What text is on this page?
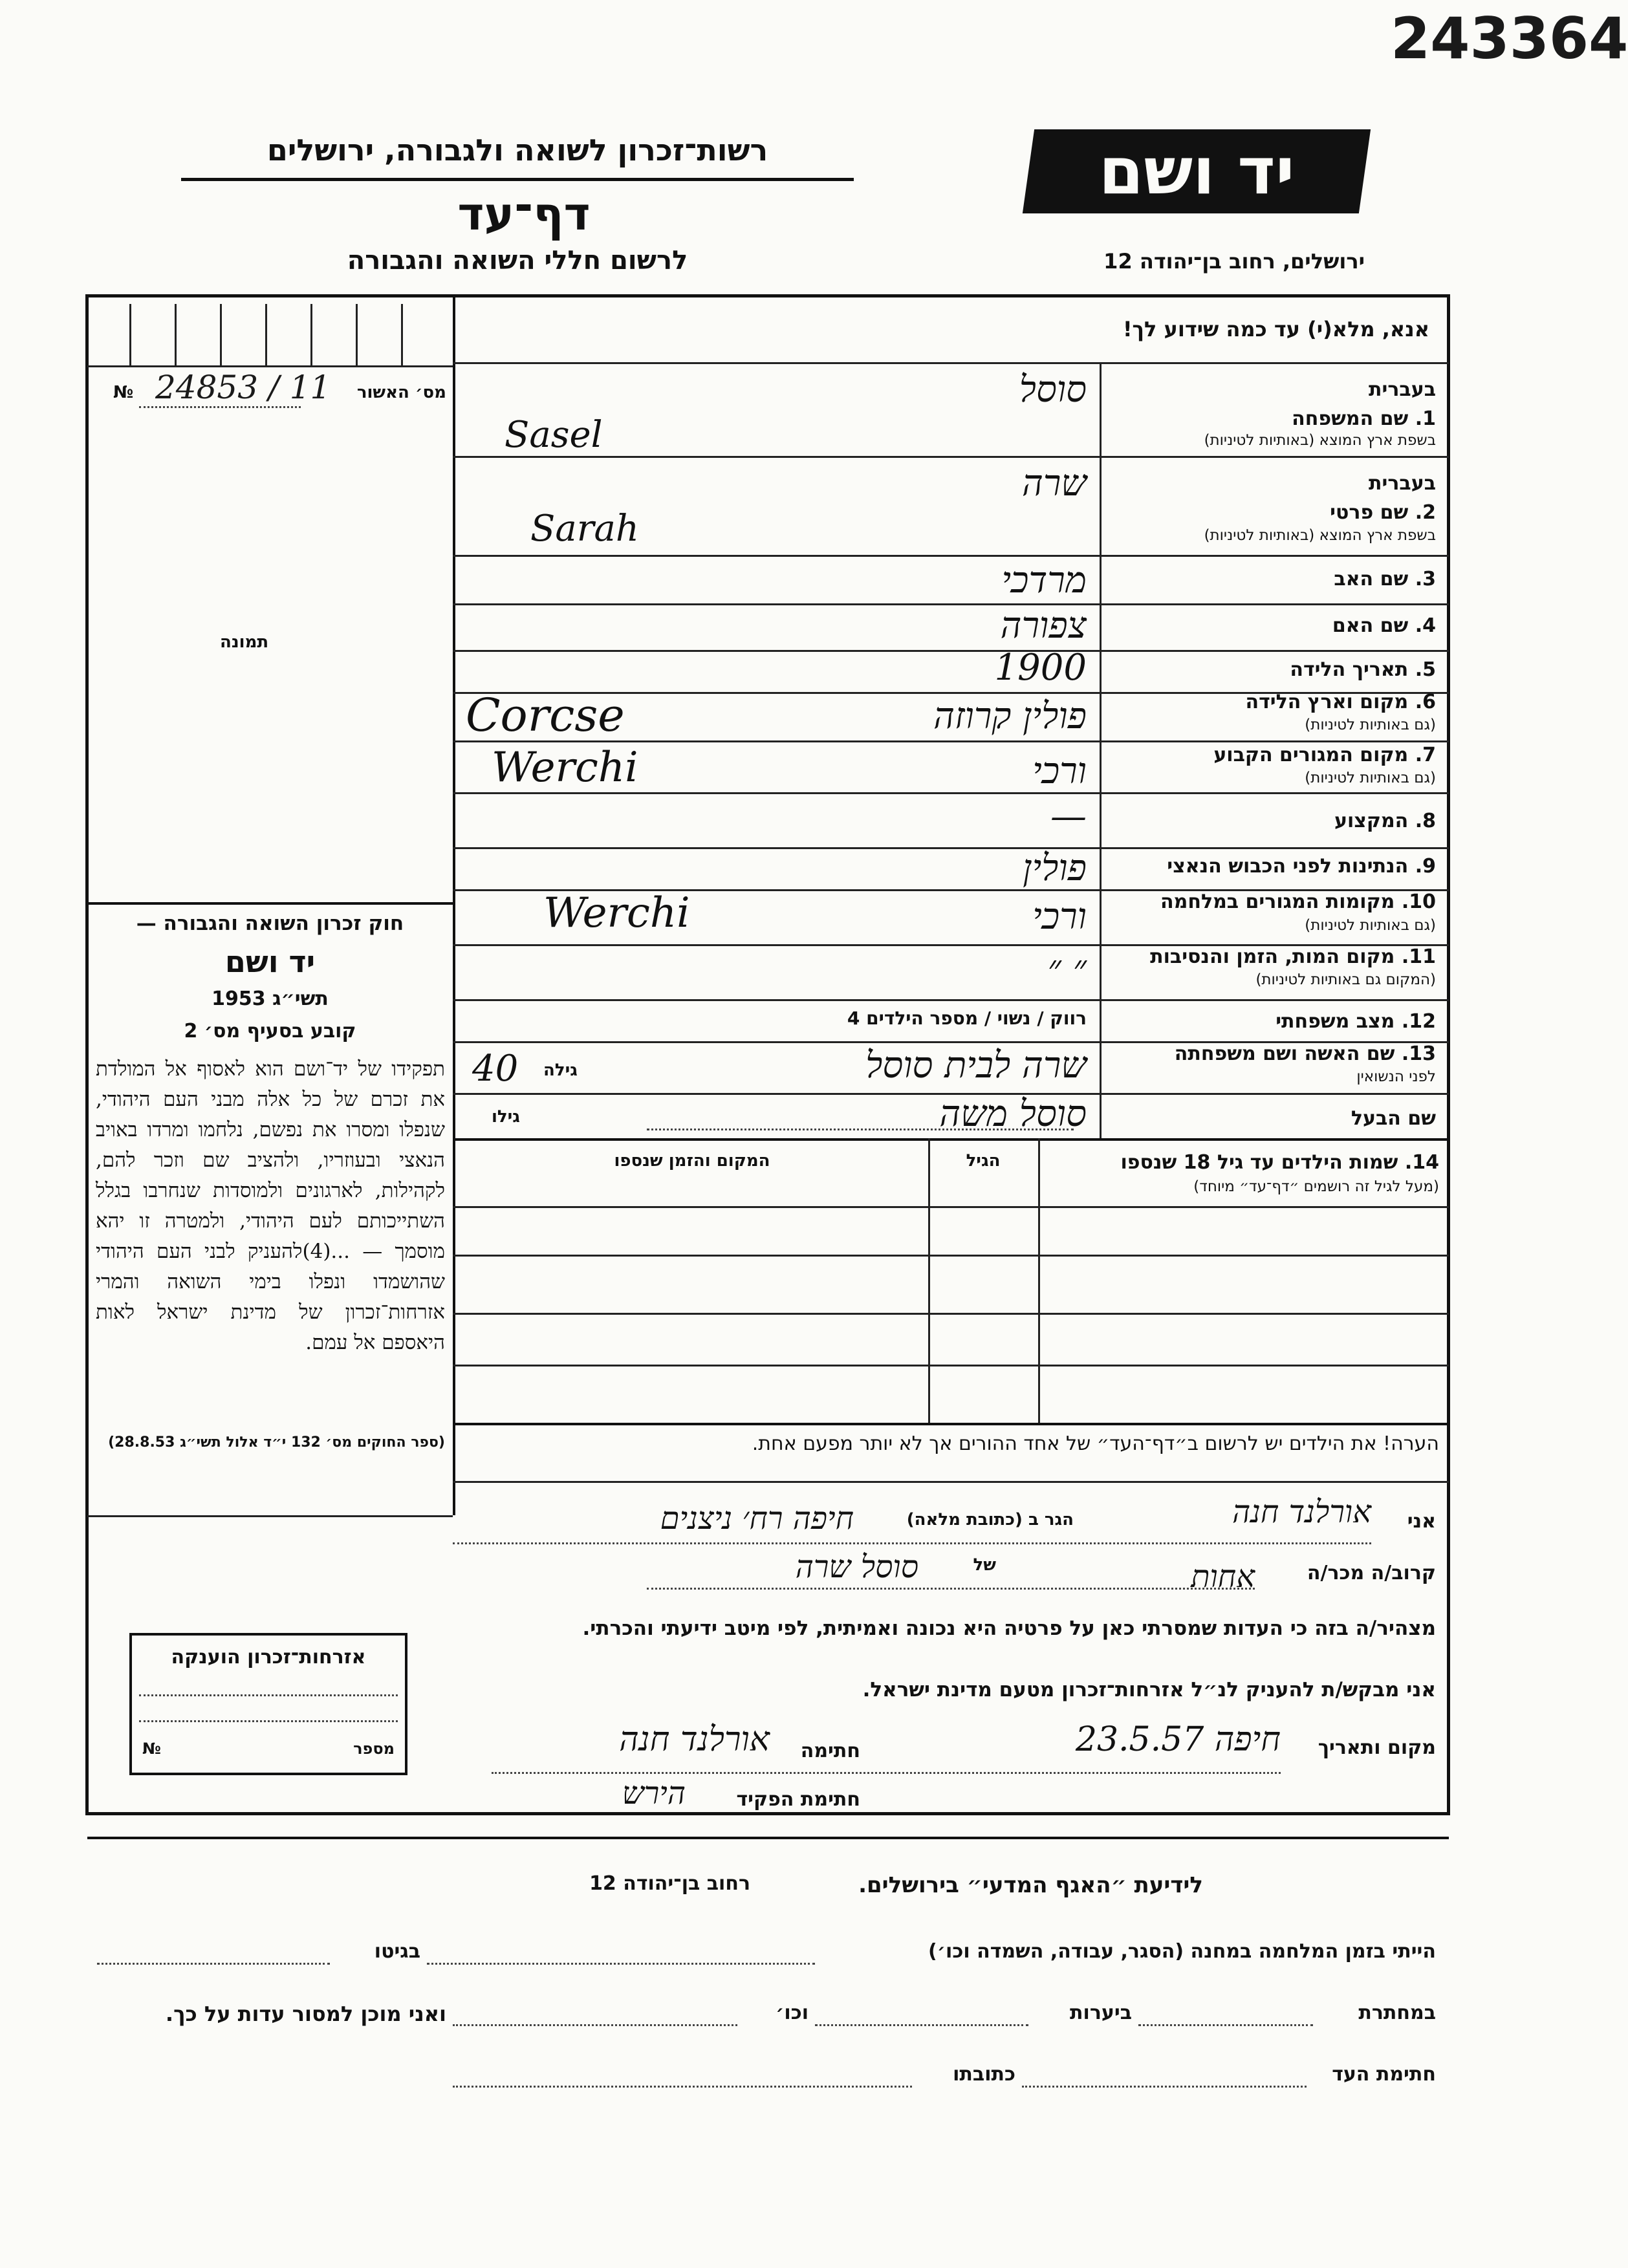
243364
רשות־זכרון לשואה ולגבורה, ירושלים
דף־עד
לרשום חללי השואה והגבורה
יד ושם
ירושלים, רחוב בן־יהודה 12
אנא, מלא(י) עד כמה שידוע לך!
מס׳ האשור
№ 24853 / 11
תמונה
חוק זכרון השואה והגבורה —
יד ושם
תשי״ג 1953
קובע בסעיף מס׳ 2
תפקידו של יד־ושם הוא לאסוף אל המולדת את זכרם של כל אלה מבני העם היהודי, שנפלו ומסרו את נפשם, נלחמו ומרדו באויב הנאצי ובעוזריו, ולהציב שם וזכר להם, לקהילות, לארגונים ולמוסדות שנחרבו בגלל השתייכותם לעם היהודי, ולמטרה זו יהא מוסמך — ...(4)להעניק לבני העם היהודי שהושמדו ונפלו בימי השואה והמרי אזרחות־זכרון של מדינת ישראל לאות היאספם אל עמם.
(ספר החוקים מס׳ 132 י״ד אלול תשי״ג 28.8.53)
בעברית
1. שם המשפחה
בשפת ארץ המוצא (באותיות לטיניות)
סוסל
Sasel
בעברית
2. שם פרטי
בשפת ארץ המוצא (באותיות לטיניות)
שרה
Sarah
3. שם האב
מרדכי
4. שם האם
צפורה
5. תאריך הלידה
1900
6. מקום וארץ הלידה
(גם באותיות לטיניות)
פולין קרוזה
Corcse
7. מקום המגורים הקבוע
(גם באותיות לטיניות)
ורכי
Werchi
8. המקצוע
—
9. הנתינות לפני הכבוש הנאצי
פולין
10. מקומות המגורים במלחמה
(גם באותיות לטיניות)
ורכי
Werchi
11. מקום המות, הזמן והנסיבות
(המקום גם באותיות לטיניות)
״ ״
12. מצב משפחתי
רווק / נשוי / מספר הילדים 4
13. שם האשה ושם משפחתה
לפני הנשואין
שרה לבית סוסל
גילה
40
שם הבעל
סוסל משה
גילו
14. שמות הילדים עד גיל 18 שנספו
(מעל לגיל זה רושמים ״דף־עד״ מיוחד)
הגיל
המקום והזמן שנספו
הערה! את הילדים יש לרשום ב״דף־העד״ של אחד ההורים אך לא יותר מפעם אחת.
אני
אורלנד חנה
הגר ב (כתובת מלאה)
חיפה רח׳ ניצנים
קרוב/ה מכר/ה
אחות
של
סוסל שרה
מצהיר/ה בזה כי העדות שמסרתי כאן על פרטיה היא נכונה ואמיתית, לפי מיטב ידיעתי והכרתי.
אני מבקש/ת להעניק לנ״ל אזרחות־זכרון מטעם מדינת ישראל.
מקום ותאריך
חיפה 23.5.57
חתימה
אורלנד חנה
חתימת הפקיד
הירש
אזרחות־זכרון הוענקה
מספר
№
לידיעת ״האגף המדעי״ בירושלים.
רחוב בן־יהודה 12
הייתי בזמן המלחמה במחנה (הסגר, עבודה, השמדה וכו׳)
בגיטו
במחתרת
ביערות
וכו׳
ואני מוכן למסור עדות על כך.
חתימת העד
כתובתו
